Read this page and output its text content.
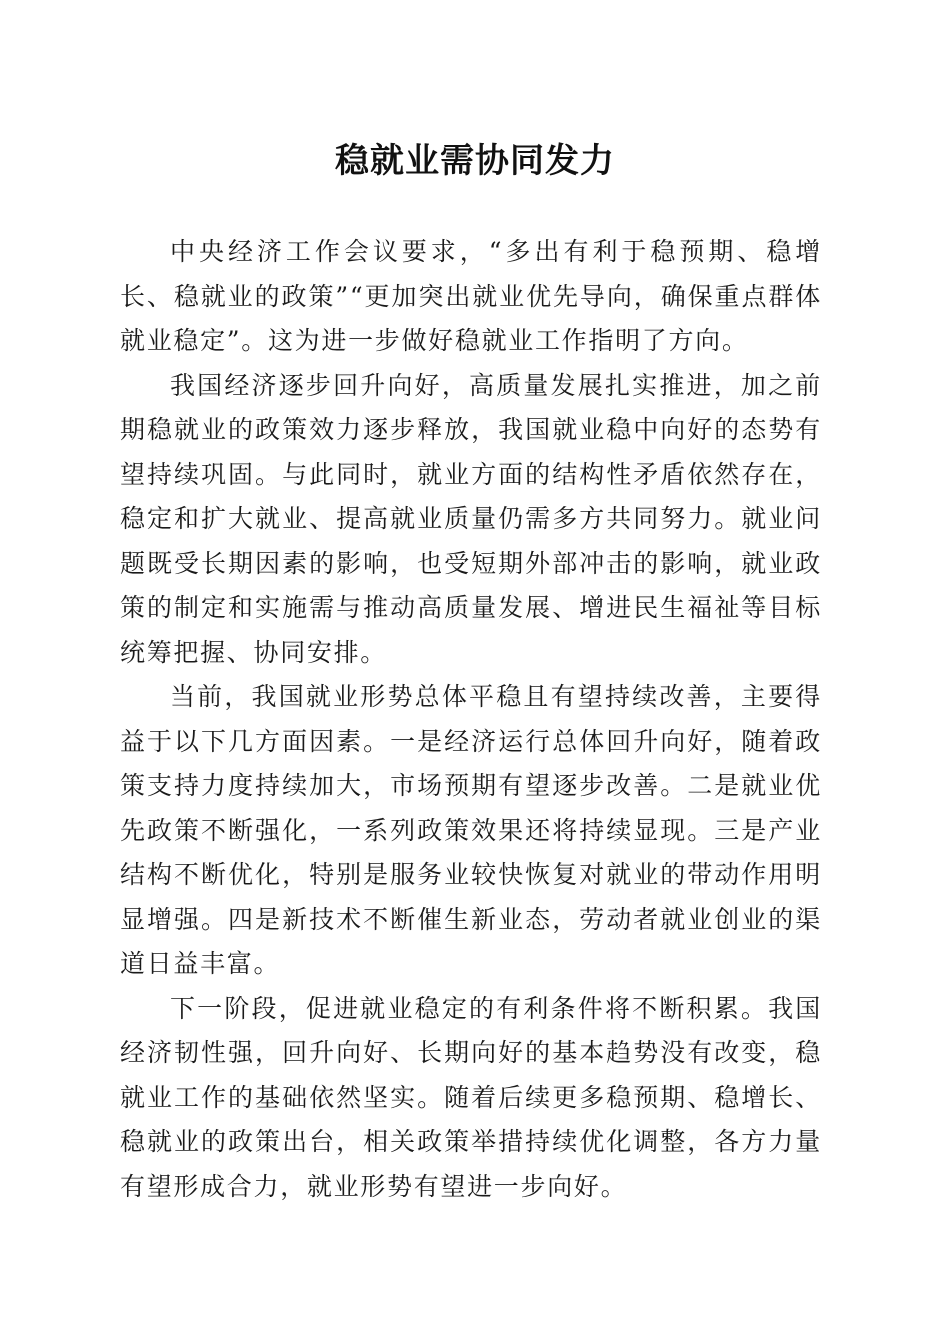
稳就业需协同发力

中央经济工作会议要求，“多出有利于稳预期、稳增长、稳就业的政策”“更加突出就业优先导向，确保重点群体就业稳定”。这为进一步做好稳就业工作指明了方向。

我国经济逐步回升向好，高质量发展扎实推进，加之前期稳就业的政策效力逐步释放，我国就业稳中向好的态势有望持续巩固。与此同时，就业方面的结构性矛盾依然存在，稳定和扩大就业、提高就业质量仍需多方共同努力。就业问题既受长期因素的影响，也受短期外部冲击的影响，就业政策的制定和实施需与推动高质量发展、增进民生福祉等目标统筹把握、协同安排。

当前，我国就业形势总体平稳且有望持续改善，主要得益于以下几方面因素。一是经济运行总体回升向好，随着政策支持力度持续加大，市场预期有望逐步改善。二是就业优先政策不断强化，一系列政策效果还将持续显现。三是产业结构不断优化，特别是服务业较快恢复对就业的带动作用明显增强。四是新技术不断催生新业态，劳动者就业创业的渠道日益丰富。

下一阶段，促进就业稳定的有利条件将不断积累。我国经济韧性强，回升向好、长期向好的基本趋势没有改变，稳就业工作的基础依然坚实。随着后续更多稳预期、稳增长、稳就业的政策出台，相关政策举措持续优化调整，各方力量有望形成合力，就业形势有望进一步向好。
